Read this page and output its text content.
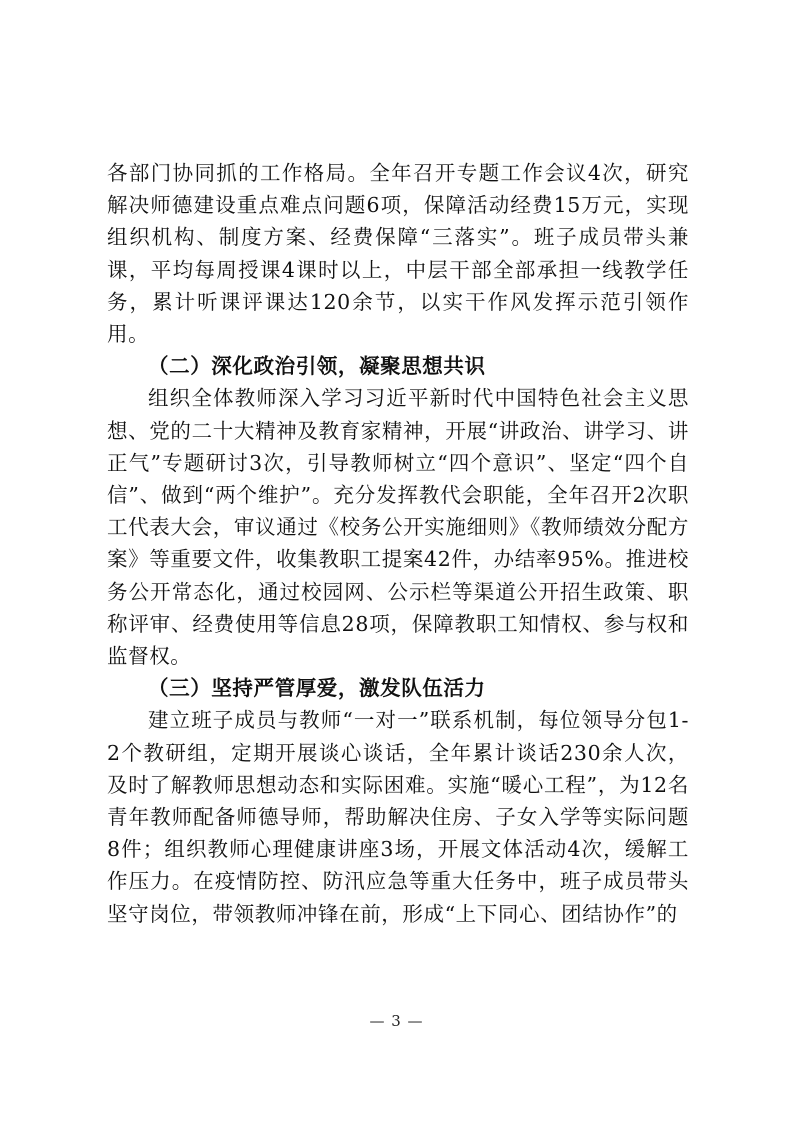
各部门协同抓的工作格局。全年召开专题工作会议4次，研究解决师德建设重点难点问题6项，保障活动经费15万元，实现组织机构、制度方案、经费保障“三落实”。班子成员带头兼课，平均每周授课4课时以上，中层干部全部承担一线教学任务，累计听课评课达120余节，以实干作风发挥示范引领作用。

（二）深化政治引领，凝聚思想共识

组织全体教师深入学习习近平新时代中国特色社会主义思想、党的二十大精神及教育家精神，开展“讲政治、讲学习、讲正气”专题研讨3次，引导教师树立“四个意识”、坚定“四个自信”、做到“两个维护”。充分发挥教代会职能，全年召开2次职工代表大会，审议通过《校务公开实施细则》《教师绩效分配方案》等重要文件，收集教职工提案42件，办结率95%。推进校务公开常态化，通过校园网、公示栏等渠道公开招生政策、职称评审、经费使用等信息28项，保障教职工知情权、参与权和监督权。

（三）坚持严管厚爱，激发队伍活力

建立班子成员与教师“一对一”联系机制，每位领导分包1-2个教研组，定期开展谈心谈话，全年累计谈话230余人次，及时了解教师思想动态和实际困难。实施“暖心工程”，为12名青年教师配备师德导师，帮助解决住房、子女入学等实际问题8件；组织教师心理健康讲座3场，开展文体活动4次，缓解工作压力。在疫情防控、防汛应急等重大任务中，班子成员带头坚守岗位，带领教师冲锋在前，形成“上下同心、团结协作”的

— 3 —
